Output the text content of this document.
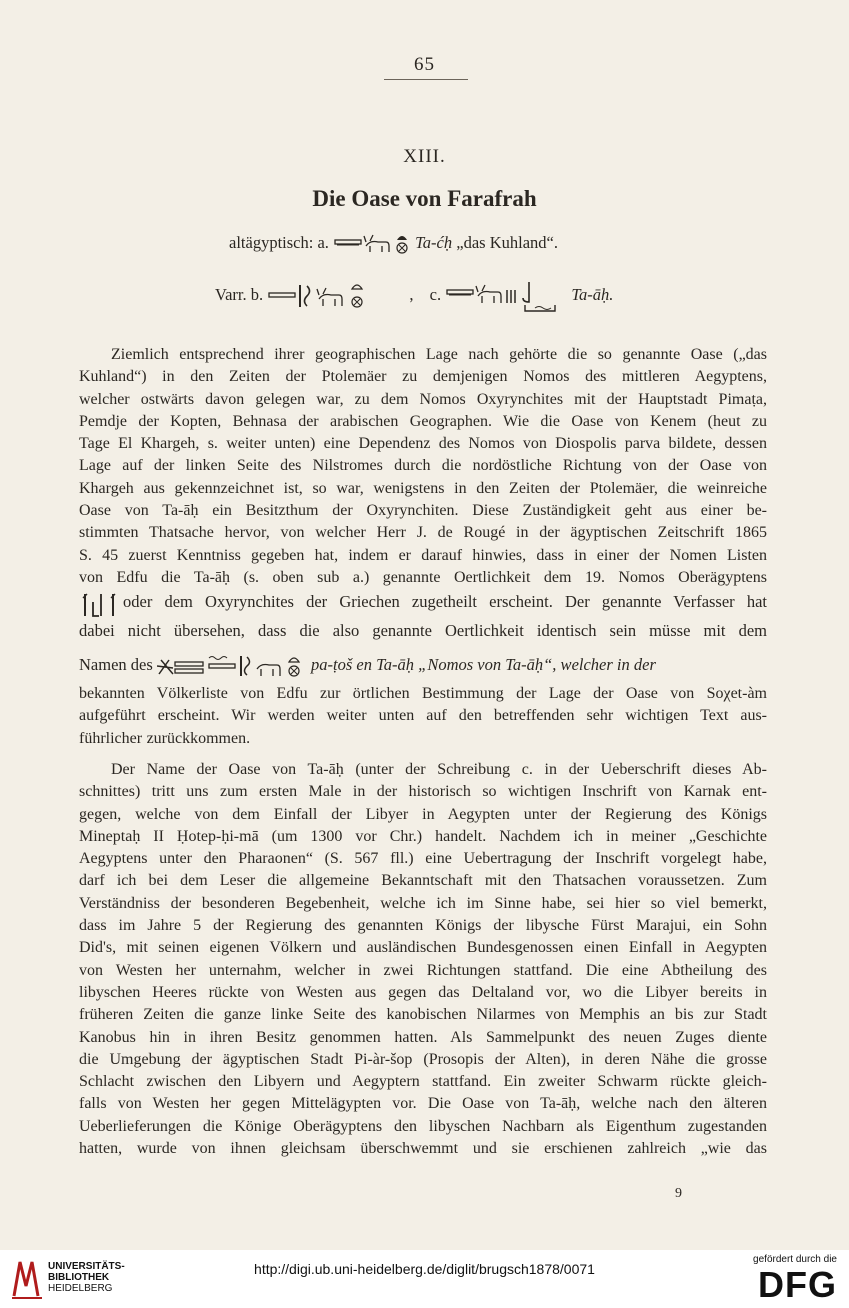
65
XIII.
Die Oase von Farafrah
altägyptisch: a.	Ta-ćḥ „das Kuhland“.
Varr. b.	, c.	Ta-āḥ.
Ziemlich entsprechend ihrer geographischen Lage nach gehörte die so genannte Oase („das
Kuhland“) in den Zeiten der Ptolemäer zu demjenigen Nomos des mittleren Aegyptens,
welcher ostwärts davon gelegen war, zu dem Nomos Oxyrynchites mit der Hauptstadt Pimaṭa,
Pemdje der Kopten, Behnasa der arabischen Geographen. Wie die Oase von Kenem (heut zu
Tage El Khargeh, s. weiter unten) eine Dependenz des Nomos von Diospolis parva bildete, dessen
Lage auf der linken Seite des Nilstromes durch die nordöstliche Richtung von der Oase von
Khargeh aus gekennzeichnet ist, so war, wenigstens in den Zeiten der Ptolemäer, die weinreiche
Oase von Ta-āḥ ein Besitzthum der Oxyrynchiten. Diese Zuständigkeit geht aus einer be-
stimmten Thatsache hervor, von welcher Herr J. de Rougé in der ägyptischen Zeitschrift 1865
S. 45 zuerst Kenntniss gegeben hat, indem er darauf hinwies, dass in einer der Nomen Listen
von Edfu die Ta-āḥ (s. oben sub a.) genannte Oertlichkeit dem 19. Nomos Oberägyptens
oder dem Oxyrynchites der Griechen zugetheilt erscheint. Der genannte Verfasser hat
dabei nicht übersehen, dass die also genannte Oertlichkeit identisch sein müsse mit dem
Namen des	pa-ṭoš en Ta-āḥ „Nomos von Ta-āḥ“, welcher in der
bekannten Völkerliste von Edfu zur örtlichen Bestimmung der Lage der Oase von Soχet-àm
aufgeführt erscheint. Wir werden weiter unten auf den betreffenden sehr wichtigen Text aus-
führlicher zurückkommen.
Der Name der Oase von Ta-āḥ (unter der Schreibung c. in der Ueberschrift dieses Ab-
schnittes) tritt uns zum ersten Male in der historisch so wichtigen Inschrift von Karnak ent-
gegen, welche von dem Einfall der Libyer in Aegypten unter der Regierung des Königs
Mineptaḥ II Ḥotep-ḥi-mā (um 1300 vor Chr.) handelt. Nachdem ich in meiner „Geschichte
Aegyptens unter den Pharaonen“ (S. 567 fll.) eine Uebertragung der Inschrift vorgelegt habe,
darf ich bei dem Leser die allgemeine Bekanntschaft mit den Thatsachen voraussetzen. Zum
Verständniss der besonderen Begebenheit, welche ich im Sinne habe, sei hier so viel bemerkt,
dass im Jahre 5 der Regierung des genannten Königs der libysche Fürst Marajui, ein Sohn
Did's, mit seinen eigenen Völkern und ausländischen Bundesgenossen einen Einfall in Aegypten
von Westen her unternahm, welcher in zwei Richtungen stattfand. Die eine Abtheilung des
libyschen Heeres rückte von Westen aus gegen das Deltaland vor, wo die Libyer bereits in
früheren Zeiten die ganze linke Seite des kanobischen Nilarmes von Memphis an bis zur Stadt
Kanobus hin in ihren Besitz genommen hatten. Als Sammelpunkt des neuen Zuges diente
die Umgebung der ägyptischen Stadt Pi-àr-šop (Prosopis der Alten), in deren Nähe die grosse
Schlacht zwischen den Libyern und Aegyptern stattfand. Ein zweiter Schwarm rückte gleich-
falls von Westen her gegen Mittelägypten vor. Die Oase von Ta-āḥ, welche nach den älteren
Ueberlieferungen die Könige Oberägyptens den libyschen Nachbarn als Eigenthum zugestanden
hatten, wurde von ihnen gleichsam überschwemmt und sie erschienen zahlreich „wie das
9
UNIVERSITÄTS-
BIBLIOTHEK
HEIDELBERG
http://digi.ub.uni-heidelberg.de/diglit/brugsch1878/0071
gefördert durch die
DFG
